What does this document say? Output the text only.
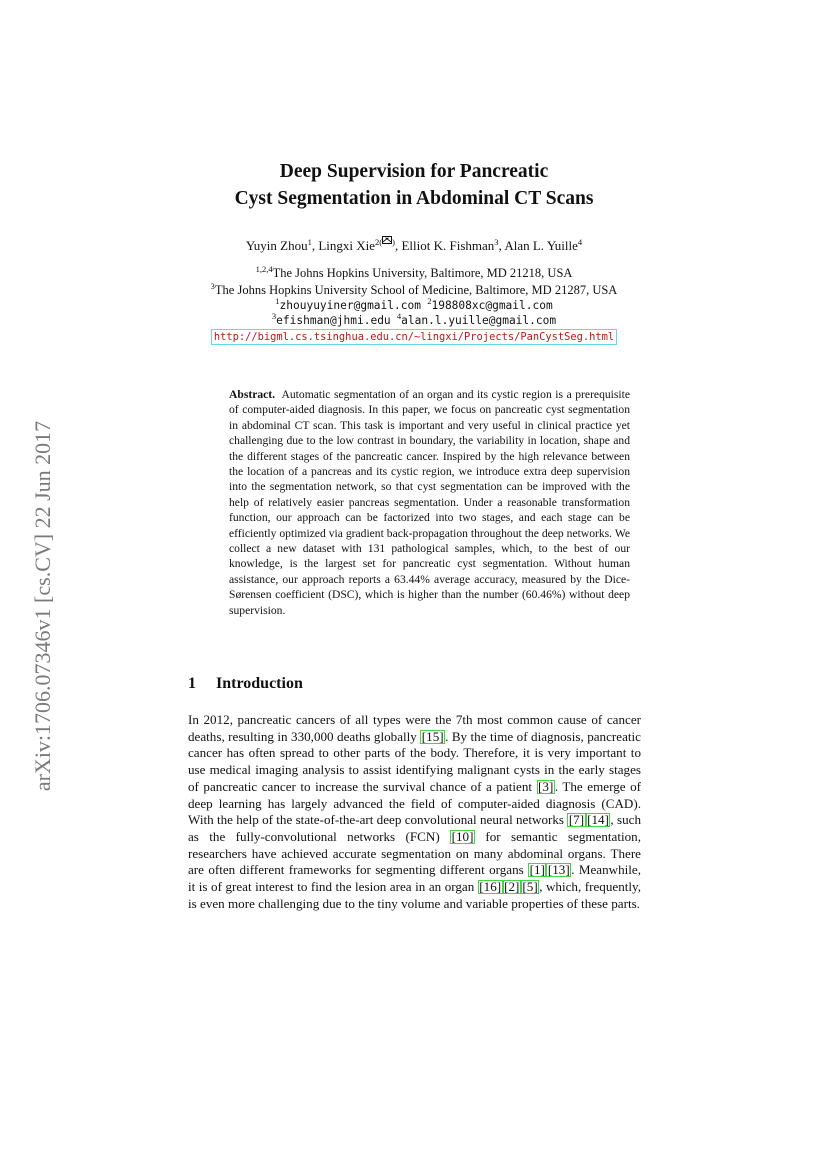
arXiv:1706.07346v1 [cs.CV] 22 Jun 2017
Deep Supervision for Pancreatic
Cyst Segmentation in Abdominal CT Scans
Yuyin Zhou$^1$, Lingxi Xie$^{2( )}$, Elliot K. Fishman$^3$, Alan L. Yuille$^4$
$^{1,2,4}$The Johns Hopkins University, Baltimore, MD 21218, USA
$^3$The Johns Hopkins University School of Medicine, Baltimore, MD 21287, USA
$^1$zhouyuyiner@gmail.com $^2$198808xc@gmail.com
$^3$efishman@jhmi.edu $^4$alan.l.yuille@gmail.com
http://bigml.cs.tsinghua.edu.cn/~lingxi/Projects/PanCystSeg.html
Abstract. Automatic segmentation of an organ and its cystic region is a prerequisite of computer-aided diagnosis. In this paper, we focus on pancreatic cyst segmentation in abdominal CT scan. This task is important and very useful in clinical practice yet challenging due to the low contrast in boundary, the variability in location, shape and the different stages of the pancreatic cancer. Inspired by the high relevance between the location of a pancreas and its cystic region, we introduce extra deep supervision into the segmentation network, so that cyst segmentation can be improved with the help of relatively easier pancreas segmentation. Under a reasonable transformation function, our approach can be factorized into two stages, and each stage can be efficiently optimized via gradient back-propagation throughout the deep networks. We collect a new dataset with 131 pathological samples, which, to the best of our knowledge, is the largest set for pancreatic cyst segmentation. Without human assistance, our approach reports a 63.44% average accuracy, measured by the Dice-Sørensen coefficient (DSC), which is higher than the number (60.46%) without deep supervision.
1 Introduction
In 2012, pancreatic cancers of all types were the 7th most common cause of cancer deaths, resulting in 330,000 deaths globally [15] . By the time of diagnosis, pancreatic cancer has often spread to other parts of the body. Therefore, it is very important to use medical imaging analysis to assist identifying malignant cysts in the early stages of pancreatic cancer to increase the survival chance of a patient [3] . The emerge of deep learning has largely advanced the field of computer-aided diagnosis (CAD). With the help of the state-of-the-art deep convolutional neural networks [7] [14] , such as the fully-convolutional networks (FCN) [10] for semantic segmentation, researchers have achieved accurate segmentation on many abdominal organs. There are often different frameworks for segmenting different organs [1] [13] . Meanwhile, it is of great interest to find the lesion area in an organ [16] [2] [5] , which, frequently, is even more challenging due to the tiny volume and variable properties of these parts.
